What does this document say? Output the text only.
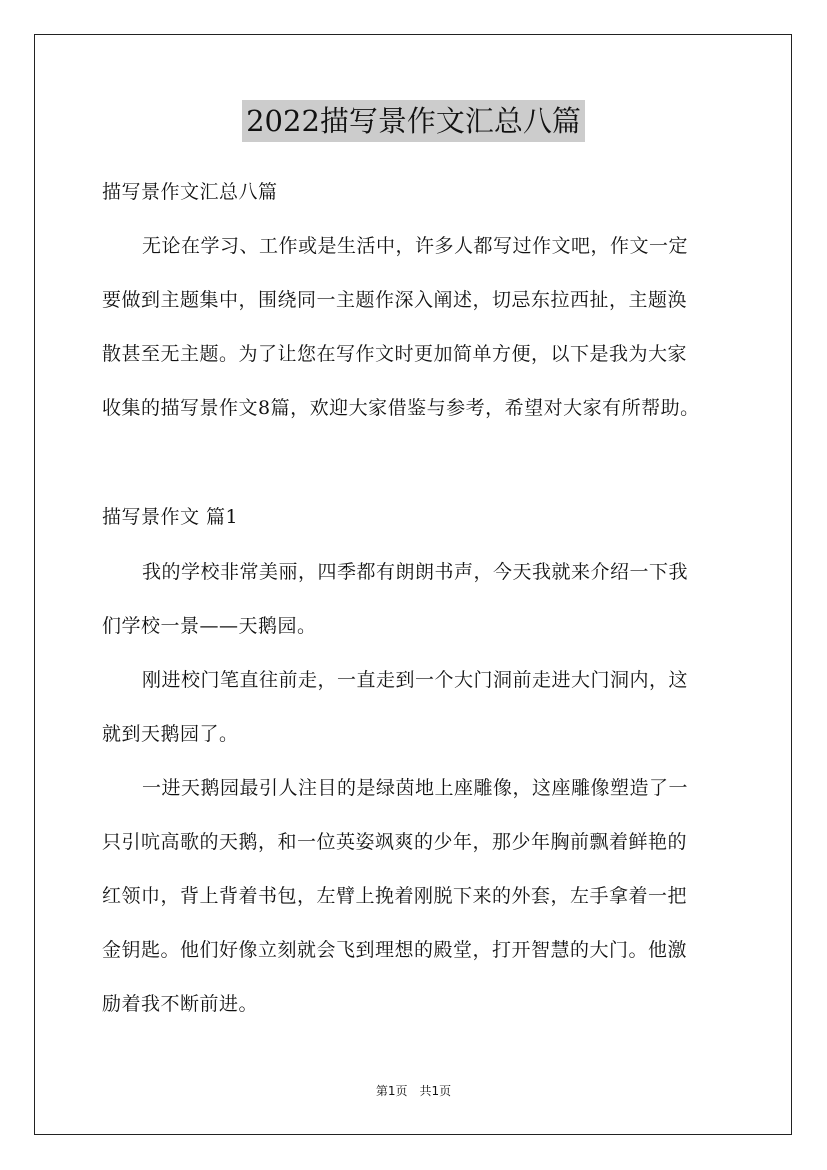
2022描写景作文汇总八篇
描写景作文汇总八篇
无论在学习、工作或是生活中，许多人都写过作文吧，作文一定
要做到主题集中，围绕同一主题作深入阐述，切忌东拉西扯，主题涣
散甚至无主题。为了让您在写作文时更加简单方便，以下是我为大家
收集的描写景作文8篇，欢迎大家借鉴与参考，希望对大家有所帮助。
描写景作文 篇1
我的学校非常美丽，四季都有朗朗书声，今天我就来介绍一下我
们学校一景——天鹅园。
刚进校门笔直往前走，一直走到一个大门洞前走进大门洞内，这
就到天鹅园了。
一进天鹅园最引人注目的是绿茵地上座雕像，这座雕像塑造了一
只引吭高歌的天鹅，和一位英姿飒爽的少年，那少年胸前飘着鲜艳的
红领巾，背上背着书包，左臂上挽着刚脱下来的外套，左手拿着一把
金钥匙。他们好像立刻就会飞到理想的殿堂，打开智慧的大门。他激
励着我不断前进。
第1页　共1页
